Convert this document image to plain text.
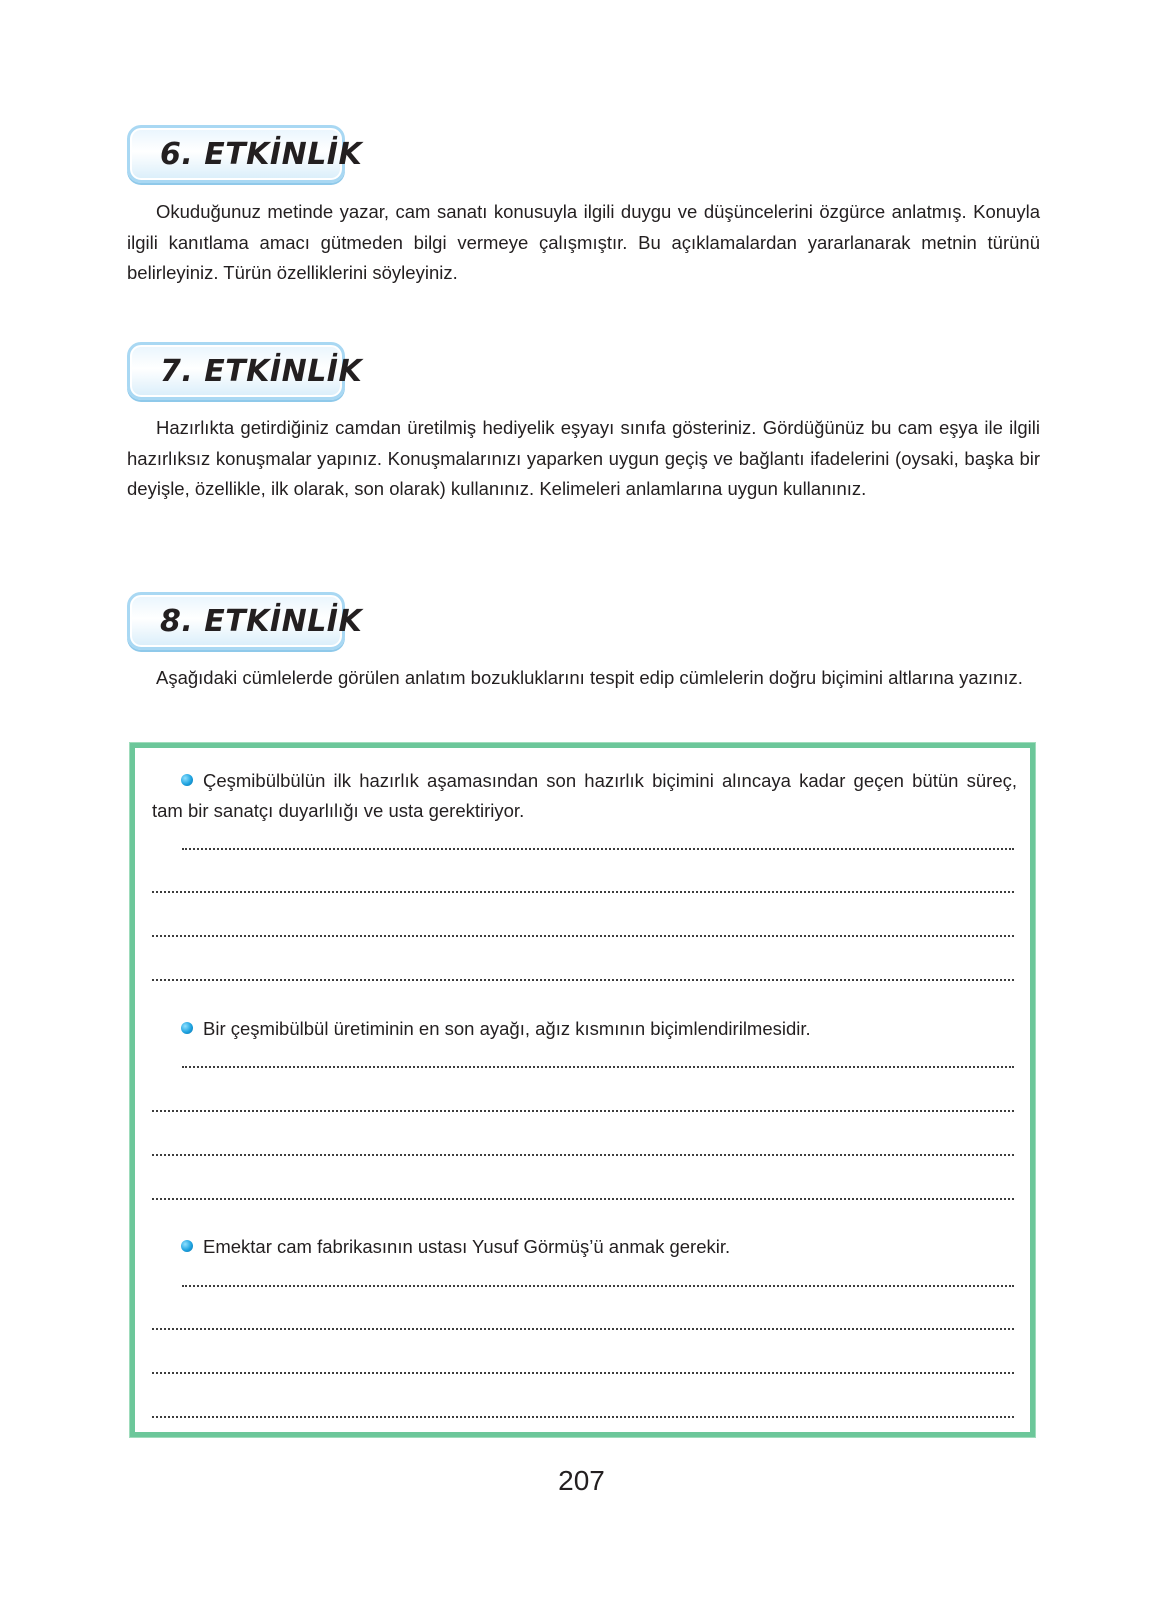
6. ETKİNLİK

Okuduğunuz metinde yazar, cam sanatı konusuyla ilgili duygu ve düşüncelerini özgürce anlatmış. Konuyla ilgili kanıtlama amacı gütmeden bilgi vermeye çalışmıştır. Bu açıklamalardan yararlanarak metnin türünü belirleyiniz. Türün özelliklerini söyleyiniz.

7. ETKİNLİK

Hazırlıkta getirdiğiniz camdan üretilmiş hediyelik eşyayı sınıfa gösteriniz. Gördüğünüz bu cam eşya ile ilgili hazırlıksız konuşmalar yapınız. Konuşmalarınızı yaparken uygun geçiş ve bağlantı ifadelerini (oysaki, başka bir deyişle, özellikle, ilk olarak, son olarak) kullanınız. Kelimeleri anlamlarına uygun kullanınız.

8. ETKİNLİK

Aşağıdaki cümlelerde görülen anlatım bozukluklarını tespit edip cümlelerin doğru biçimini altlarına yazınız.

Çeşmibülbülün ilk hazırlık aşamasından son hazırlık biçimini alıncaya kadar geçen bütün süreç, tam bir sanatçı duyarlılığı ve usta gerektiriyor.

Bir çeşmibülbül üretiminin en son ayağı, ağız kısmının biçimlendirilmesidir.

Emektar cam fabrikasının ustası Yusuf Görmüş’ü anmak gerekir.

207
